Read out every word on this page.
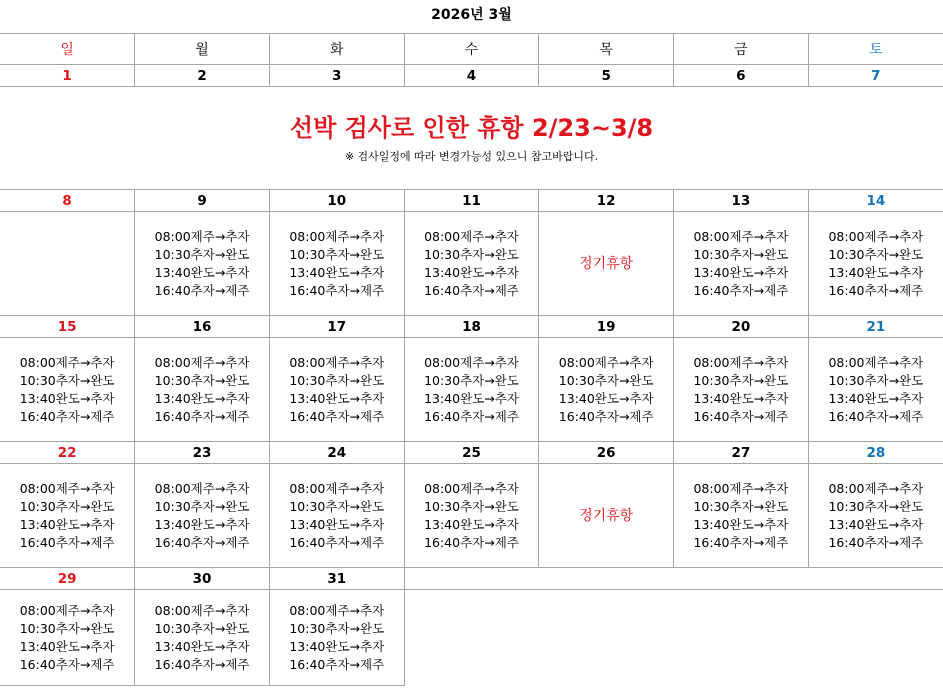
2026년 3월
일	월	화	수	목	금	토
1	2	3	4	5	6	7

선박 검사로 인한 휴항 2/23~3/8
※ 검사일정에 따라 변경가능성 있으니 참고바랍니다.						

8	9	10	11	12	13	14

	08:00제주→추자
10:30추자→완도
13:40완도→추자
16:40추자→제주	08:00제주→추자
10:30추자→완도
13:40완도→추자
16:40추자→제주	08:00제주→추자
10:30추자→완도
13:40완도→추자
16:40추자→제주	정기휴항	08:00제주→추자
10:30추자→완도
13:40완도→추자
16:40추자→제주	08:00제주→추자
10:30추자→완도
13:40완도→추자
16:40추자→제주

15	16	17	18	19	20	21

08:00제주→추자
10:30추자→완도
13:40완도→추자
16:40추자→제주	08:00제주→추자
10:30추자→완도
13:40완도→추자
16:40추자→제주	08:00제주→추자
10:30추자→완도
13:40완도→추자
16:40추자→제주	08:00제주→추자
10:30추자→완도
13:40완도→추자
16:40추자→제주	08:00제주→추자
10:30추자→완도
13:40완도→추자
16:40추자→제주	08:00제주→추자
10:30추자→완도
13:40완도→추자
16:40추자→제주	08:00제주→추자
10:30추자→완도
13:40완도→추자
16:40추자→제주

22	23	24	25	26	27	28

08:00제주→추자
10:30추자→완도
13:40완도→추자
16:40추자→제주	08:00제주→추자
10:30추자→완도
13:40완도→추자
16:40추자→제주	08:00제주→추자
10:30추자→완도
13:40완도→추자
16:40추자→제주	08:00제주→추자
10:30추자→완도
13:40완도→추자
16:40추자→제주	정기휴항	08:00제주→추자
10:30추자→완도
13:40완도→추자
16:40추자→제주	08:00제주→추자
10:30추자→완도
13:40완도→추자
16:40추자→제주

29	30	31				

08:00제주→추자
10:30추자→완도
13:40완도→추자
16:40추자→제주	08:00제주→추자
10:30추자→완도
13:40완도→추자
16:40추자→제주	08:00제주→추자
10:30추자→완도
13:40완도→추자
16:40추자→제주				
